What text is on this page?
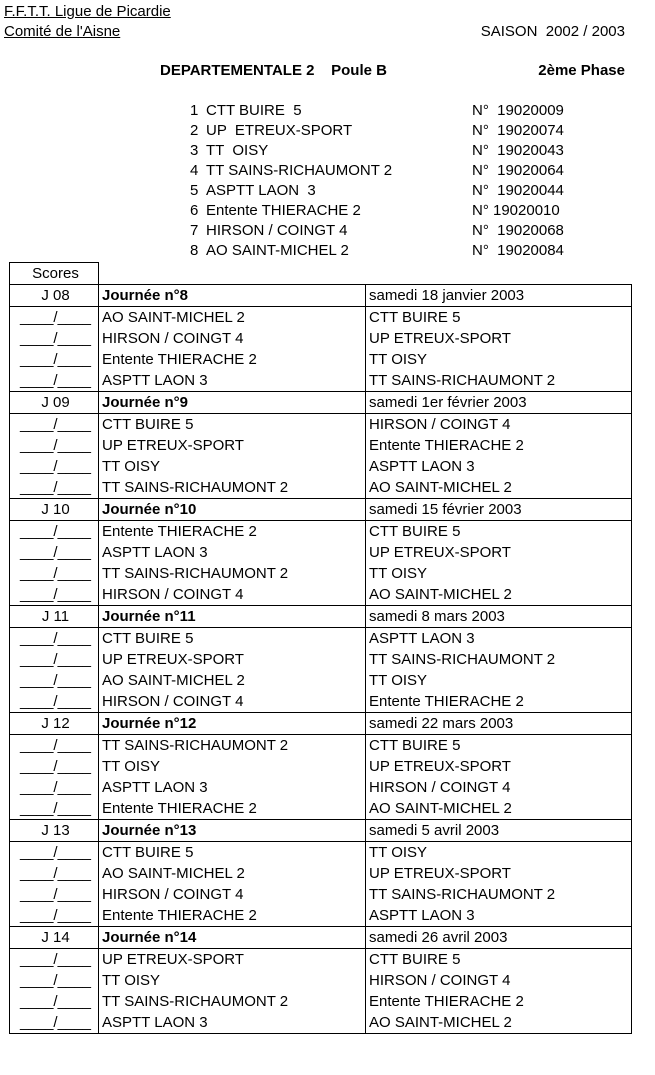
F.F.T.T. Ligue de Picardie
Comité de l'Aisne	SAISON  2002 / 2003
DEPARTEMENTALE 2    Poule B	2ème Phase
1 CTT BUIRE  5	N°  19020009
2 UP  ETREUX-SPORT	N°  19020074
3 TT  OISY	N°  19020043
4 TT SAINS-RICHAUMONT 2	N°  19020064
5 ASPTT LAON  3	N°  19020044
6 Entente THIERACHE 2	N° 19020010
7 HIRSON / COINGT 4	N°  19020068
8 AO SAINT-MICHEL 2	N°  19020084
Scores		
J 08	Journée n°8	samedi 18 janvier 2003
____/____	AO SAINT-MICHEL 2	CTT BUIRE 5
____/____	HIRSON / COINGT 4	UP ETREUX-SPORT
____/____	Entente THIERACHE 2	TT OISY
____/____	ASPTT LAON 3	TT SAINS-RICHAUMONT 2
J 09	Journée n°9	samedi 1er février 2003
____/____	CTT BUIRE 5	HIRSON / COINGT 4
____/____	UP ETREUX-SPORT	Entente THIERACHE 2
____/____	TT OISY	ASPTT LAON 3
____/____	TT SAINS-RICHAUMONT 2	AO SAINT-MICHEL 2
J 10	Journée n°10	samedi 15 février 2003
____/____	Entente THIERACHE 2	CTT BUIRE 5
____/____	ASPTT LAON 3	UP ETREUX-SPORT
____/____	TT SAINS-RICHAUMONT 2	TT OISY
____/____	HIRSON / COINGT 4	AO SAINT-MICHEL 2
J 11	Journée n°11	samedi 8 mars 2003
____/____	CTT BUIRE 5	ASPTT LAON 3
____/____	UP ETREUX-SPORT	TT SAINS-RICHAUMONT 2
____/____	AO SAINT-MICHEL 2	TT OISY
____/____	HIRSON / COINGT 4	Entente THIERACHE 2
J 12	Journée n°12	samedi 22 mars 2003
____/____	TT SAINS-RICHAUMONT 2	CTT BUIRE 5
____/____	TT OISY	UP ETREUX-SPORT
____/____	ASPTT LAON 3	HIRSON / COINGT 4
____/____	Entente THIERACHE 2	AO SAINT-MICHEL 2
J 13	Journée n°13	samedi 5 avril 2003
____/____	CTT BUIRE 5	TT OISY
____/____	AO SAINT-MICHEL 2	UP ETREUX-SPORT
____/____	HIRSON / COINGT 4	TT SAINS-RICHAUMONT 2
____/____	Entente THIERACHE 2	ASPTT LAON 3
J 14	Journée n°14	samedi 26 avril 2003
____/____	UP ETREUX-SPORT	CTT BUIRE 5
____/____	TT OISY	HIRSON / COINGT 4
____/____	TT SAINS-RICHAUMONT 2	Entente THIERACHE 2
____/____	ASPTT LAON 3	AO SAINT-MICHEL 2
